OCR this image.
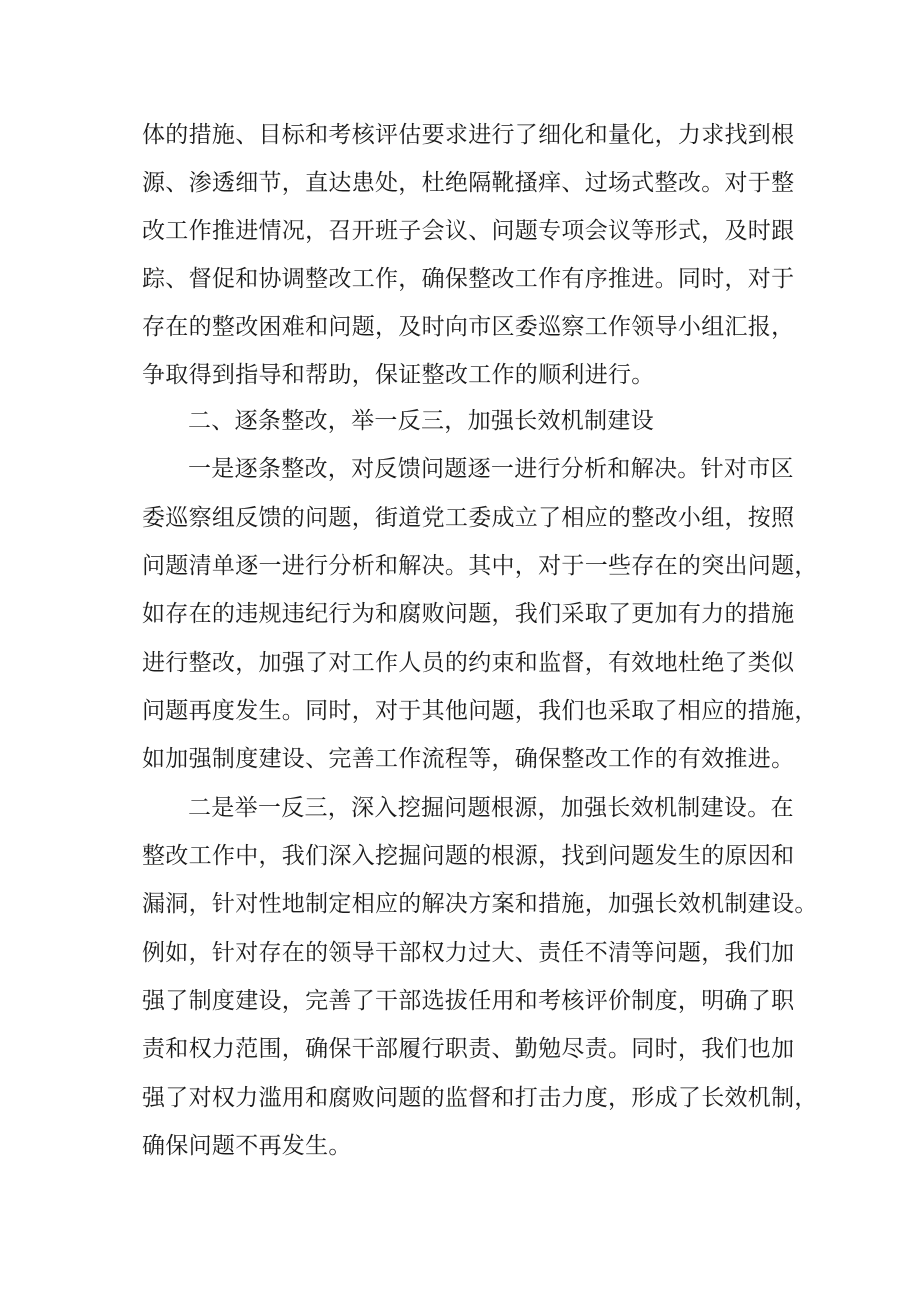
体的措施、目标和考核评估要求进行了细化和量化，力求找到根
源、渗透细节，直达患处，杜绝隔靴搔痒、过场式整改。对于整
改工作推进情况，召开班子会议、问题专项会议等形式，及时跟
踪、督促和协调整改工作，确保整改工作有序推进。同时，对于
存在的整改困难和问题，及时向市区委巡察工作领导小组汇报，
争取得到指导和帮助，保证整改工作的顺利进行。
二、逐条整改，举一反三，加强长效机制建设
一是逐条整改，对反馈问题逐一进行分析和解决。针对市区
委巡察组反馈的问题，街道党工委成立了相应的整改小组，按照
问题清单逐一进行分析和解决。其中，对于一些存在的突出问题，
如存在的违规违纪行为和腐败问题，我们采取了更加有力的措施
进行整改，加强了对工作人员的约束和监督，有效地杜绝了类似
问题再度发生。同时，对于其他问题，我们也采取了相应的措施，
如加强制度建设、完善工作流程等，确保整改工作的有效推进。
二是举一反三，深入挖掘问题根源，加强长效机制建设。在
整改工作中，我们深入挖掘问题的根源，找到问题发生的原因和
漏洞，针对性地制定相应的解决方案和措施，加强长效机制建设。
例如，针对存在的领导干部权力过大、责任不清等问题，我们加
强了制度建设，完善了干部选拔任用和考核评价制度，明确了职
责和权力范围，确保干部履行职责、勤勉尽责。同时，我们也加
强了对权力滥用和腐败问题的监督和打击力度，形成了长效机制，
确保问题不再发生。
